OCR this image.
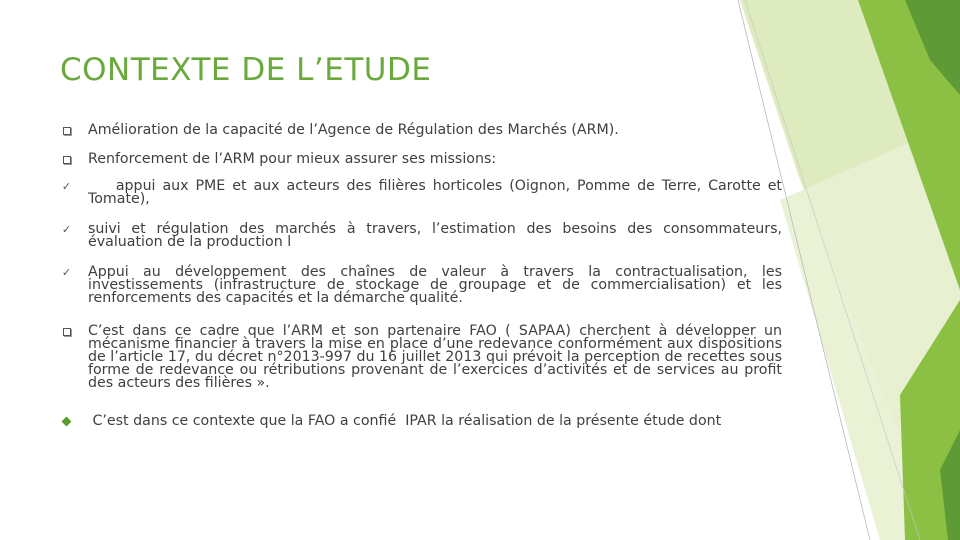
CONTEXTE DE L’ETUDE
Amélioration de la capacité de l’Agence de Régulation des Marchés (ARM).
Renforcement de l’ARM pour mieux assurer ses missions:
✓ appui aux PME et aux acteurs des filières horticoles (Oignon, Pomme de Terre, Carotte et Tomate),
✓ suivi et régulation des marchés à travers, l’estimation des besoins des consommateurs, évaluation de la production l
✓ Appui au développement des chaînes de valeur à travers la contractualisation, les investissements (infrastructure de stockage de groupage et de commercialisation) et les renforcements des capacités et la démarche qualité.
C’est dans ce cadre que l’ARM et son partenaire FAO ( SAPAA) cherchent à développer un mécanisme financier à travers la mise en place d’une redevance conformément aux dispositions de l’article 17, du décret n°2013-997 du 16 juillet 2013 qui prévoit la perception de recettes sous forme de redevance ou rétributions provenant de l’exercices d’activités et de services au profit des acteurs des filières ».
C’est dans ce contexte que la FAO a confié  IPAR la réalisation de la présente étude dont
